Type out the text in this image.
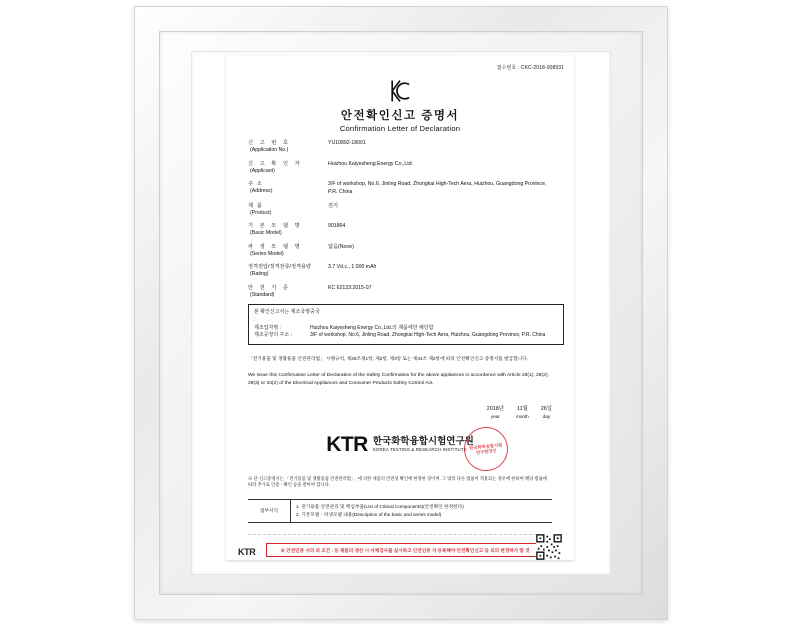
접수번호 : CKC-2018-008931
안전확인신고 증명서
Confirmation Letter of Declaration
신 고 번 호
(Application No.)
YU10892-18001
신 고 확 인 자
(Applicant)
Huizhou Kaiyesheng Energy Co.,Ltd.
주 소
(Address)
3/F of workshop, No.6, Jinling Road, Zhongkai High-Tech Aera, Huizhou, Guangdong Province, P.R. China
제 품
(Product)
전지
기 본 모 델 명
(Basic Model)
901864
파 생 모 델 명
(Series Model)
없음(None)
정격전압/정격전류/정격용량
(Rating)
3.7 Vd.c., 1 000 mAh
안 전 기 준
(Standard)
KC 62133:2015-07
본 확인신고서는 제조국명 :
중국
제조업자명 :	Huizhou Kaiyesheng Energy Co.,Ltd.의 제품에만 해당함
제조공장의 주소 :	3/F of workshop, No.6, Jinling Road, Zhongkai High-Tech Aera, Huizhou, Guangdong Province, P.R. China
「전기용품 및 생활용품 안전관리법」 시행규칙, 제28조제1항, 제2항, 제3항 또는 제34조 제2항에 따라 안전확인신고 증명서를 발급합니다.
We issue this Confirmation Letter of Declaration of the Safety Confirmation for the above appliances in accordance with Article 28(1), 28(2), 28(3) or 34(2) of the Electrical Appliances and Consumer Products Safety Control Act.
2018년
year
11월
month
26일
day
KTR 한국화학융합시험연구원
KOREA TESTING & RESEARCH INSTITUTE 한국화학융합시험연구원장인
※ 단 신고증명서는 「전기용품 및 생활용품 안전관리법」, 에 의한 제품의 안전성 확인에 한정한 것이며, 그 밖의 다른 법률이 적용되는 경우에 한하여 해당 법률에 따라 추가로 인증ㆍ확인 등을 받아야 합니다.
첨부서식
1. 전기용품 안전관리 및 핵심부품(List of Critical Components)(안전확인 한정한다)
2. 기본모델ㆍ파생모델 내용(Description of the basic and series model)
KTR	※ 안전인증 서의 외 조건 : 등 제품의 생산 시 사체검사를 실시하고 안전인증 지 등록해야 안전확인신고 등 외의 변경하지 말 것
